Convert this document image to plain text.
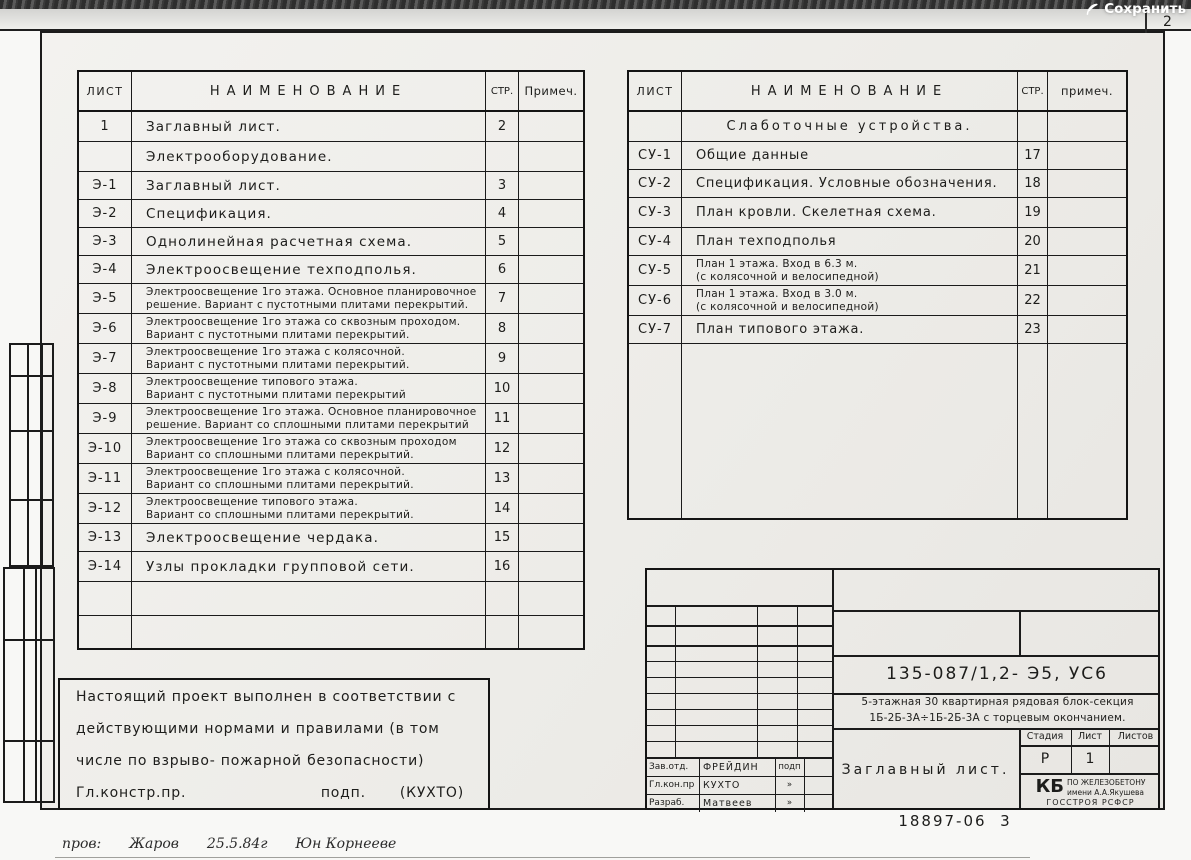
Сохранить
2
ЛИСТ	НАИМЕНОВАНИЕ	СТР. Примеч.
1	Заглавный лист.	2
Электрооборудование.
Э-1	Заглавный лист.	3
Э-2	Спецификация.	4
Э-3	Однолинейная расчетная схема.	5
Э-4	Электроосвещение техподполья.	6
Э-5	Электроосвещение 1го этажа. Основное планировочное
решение. Вариант с пустотными плитами перекрытий.	7
Э-6	Электроосвещение 1го этажа со сквозным проходом.
Вариант с пустотными плитами перекрытий.	8
Э-7	Электроосвещение 1го этажа с колясочной.
Вариант с пустотными плитами перекрытий.	9
Э-8	Электроосвещение типового этажа.
Вариант с пустотными плитами перекрытий	10
Э-9	Электроосвещение 1го этажа. Основное планировочное
решение. Вариант со сплошными плитами перекрытий	11
Э-10	Электроосвещение 1го этажа со сквозным проходом
Вариант со сплошными плитами перекрытий.	12
Э-11	Электроосвещение 1го этажа с колясочной.
Вариант со сплошными плитами перекрытий.	13
Э-12	Электроосвещение типового этажа.
Вариант со сплошными плитами перекрытий.	14
Э-13	Электроосвещение чердака.	15
Э-14	Узлы прокладки групповой сети.	16
ЛИСТ	НАИМЕНОВАНИЕ	СТР.	примеч.
Слаботочные устройства.
СУ-1	Общие данные	17
СУ-2	Спецификация. Условные обозначения.	18
СУ-3	План кровли. Скелетная схема.	19
СУ-4	План техподполья	20
СУ-5	План 1 этажа. Вход в 6.3 м.
(с колясочной и велосипедной)	21
СУ-6	План 1 этажа. Вход в 3.0 м.
(с колясочной и велосипедной)	22
СУ-7	План типового этажа.	23
Настоящий проект выполнен в соответствии с
действующими нормами и правилами (в том
числе по взрыво- пожарной безопасности)
Гл.констр.пр.	подп. (КУХТО)
135-087/1,2- Э5, УС6
5-этажная 30 квартирная рядовая блок-секция
1Б-2Б-3А÷1Б-2Б-3А с торцевым окончанием.
Заглавный лист.
Стадия	Лист	Листов
Р	1
КБ ПО ЖЕЛЕЗОБЕТОНУ
имени А.А.Якушева
ГОССТРОЯ РСФСР
Зав.отд.	ФРЕЙДИН	подп
Гл.кон.пр КУХТО	»
Разраб.	Матвеев	»
18897-06  3
пров: Жаров 25.5.84г Юн Корнееве
